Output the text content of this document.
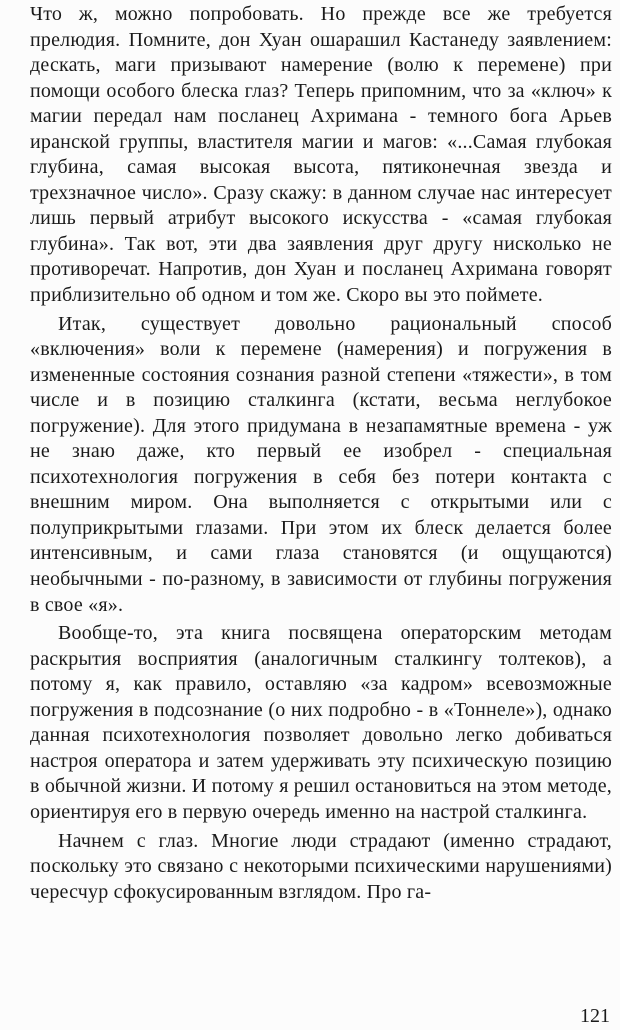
Что ж, можно попробовать. Но прежде все же требуется прелюдия. Помните, дон Хуан ошарашил Кастанеду заявлением: дескать, маги призывают намерение (волю к перемене) при помощи особого блеска глаз? Теперь припомним, что за «ключ» к магии передал нам посланец Ахримана - темного бога Арьев иранской группы, властителя магии и магов: «...Самая глубокая глубина, самая высокая высота, пятиконечная звезда и трехзначное число». Сразу скажу: в данном случае нас интересует лишь первый атрибут высокого искусства - «самая глубокая глубина». Так вот, эти два заявления друг другу нисколько не противоречат. Напротив, дон Хуан и посланец Ахримана говорят приблизительно об одном и том же. Скоро вы это поймете.

Итак, существует довольно рациональный способ «включения» воли к перемене (намерения) и погружения в измененные состояния сознания разной степени «тяжести», в том числе и в позицию сталкинга (кстати, весьма неглубокое погружение). Для этого придумана в незапамятные времена - уж не знаю даже, кто первый ее изобрел - специальная психотехнология погружения в себя без потери контакта с внешним миром. Она выполняется с открытыми или с полуприкрытыми глазами. При этом их блеск делается более интенсивным, и сами глаза становятся (и ощущаются) необычными - по-разному, в зависимости от глубины погружения в свое «я».

Вообще-то, эта книга посвящена операторским методам раскрытия восприятия (аналогичным сталкингу толтеков), а потому я, как правило, оставляю «за кадром» всевозможные погружения в подсознание (о них подробно - в «Тоннеле»), однако данная психотехнология позволяет довольно легко добиваться настроя оператора и затем удерживать эту психическую позицию в обычной жизни. И потому я решил остановиться на этом методе, ориентируя его в первую очередь именно на настрой сталкинга.

Начнем с глаз. Многие люди страдают (именно страдают, поскольку это связано с некоторыми психическими нарушениями) чересчур сфокусированным взглядом. Про га-

121
